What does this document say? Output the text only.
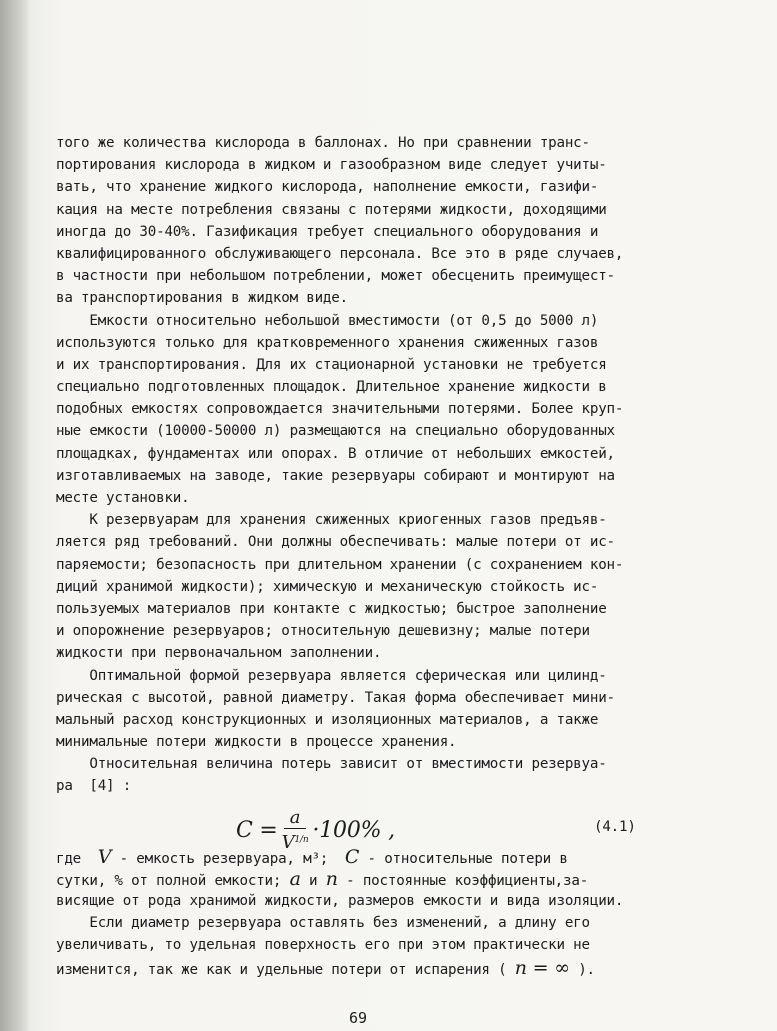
того же количества кислорода в баллонах. Но при сравнении транс-
портирования кислорода в жидком и газообразном виде следует учиты-
вать, что хранение жидкого кислорода, наполнение емкости, газифи-
кация на месте потребления связаны с потерями жидкости, доходящими
иногда до 30-40%. Газификация требует специального оборудования и
квалифицированного обслуживающего персонала. Все это в ряде случаев,
в частности при небольшом потреблении, может обесценить преимущест-
ва транспортирования в жидком виде.
Емкости относительно небольшой вместимости (от 0,5 до 5000 л)
используются только для кратковременного хранения сжиженных газов
и их транспортирования. Для их стационарной установки не требуется
специально подготовленных площадок. Длительное хранение жидкости в
подобных емкостях сопровождается значительными потерями. Более круп-
ные емкости (10000-50000 л) размещаются на специально оборудованных
площадках, фундаментах или опорах. В отличие от небольших емкостей,
изготавливаемых на заводе, такие резервуары собирают и монтируют на
месте установки.
К резервуарам для хранения сжиженных криогенных газов предъяв-
ляется ряд требований. Они должны обеспечивать: малые потери от ис-
паряемости; безопасность при длительном хранении (с сохранением кон-
диций хранимой жидкости); химическую и механическую стойкость ис-
пользуемых материалов при контакте с жидкостью; быстрое заполнение
и опорожнение резервуаров; относительную дешевизну; малые потери
жидкости при первоначальном заполнении.
Оптимальной формой резервуара является сферическая или цилинд-
рическая с высотой, равной диаметру. Такая форма обеспечивает мини-
мальный расход конструкционных и изоляционных материалов, а также
минимальные потери жидкости в процессе хранения.
Относительная величина потерь зависит от вместимости резервуа-
ра  [4] :
$C = \frac{a}{V^{1/n}} \cdot 100\%$ ,	(4.1)
где  V - емкость резервуара, м³;  C - относительные потери в
сутки, % от полной емкости; a и n - постоянные коэффициенты,за-
висящие от рода хранимой жидкости, размеров емкости и вида изоляции.
Если диаметр резервуара оставлять без изменений, а длину его
увеличивать, то удельная поверхность его при этом практически не
изменится, так же как и удельные потери от испарения ( n = ∞ ).
69
